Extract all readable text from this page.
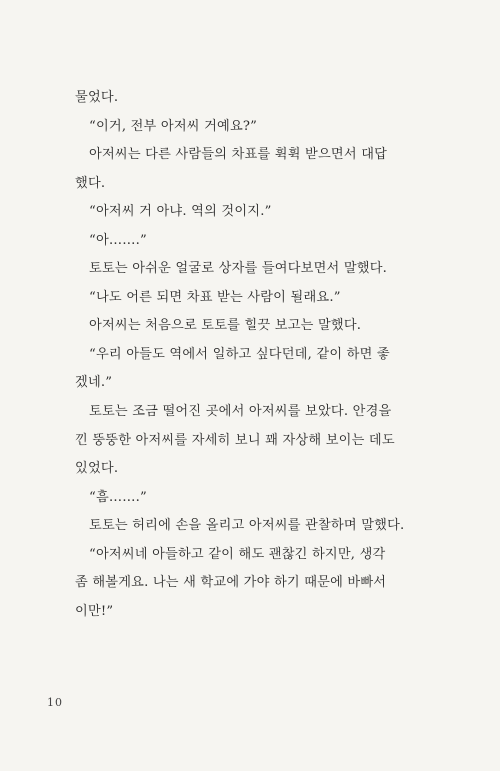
물었다.
“이거, 전부 아저씨 거예요?”
아저씨는 다른 사람들의 차표를 휙휙 받으면서 대답
했다.
“아저씨 거 아냐. 역의 것이지.”
“아…….”
토토는 아쉬운 얼굴로 상자를 들여다보면서 말했다.
“나도 어른 되면 차표 받는 사람이 될래요.”
아저씨는 처음으로 토토를 힐끗 보고는 말했다.
“우리 아들도 역에서 일하고 싶다던데, 같이 하면 좋
겠네.”
토토는 조금 떨어진 곳에서 아저씨를 보았다. 안경을
낀 뚱뚱한 아저씨를 자세히 보니 꽤 자상해 보이는 데도
있었다.
“흠…….”
토토는 허리에 손을 올리고 아저씨를 관찰하며 말했다.
“아저씨네 아들하고 같이 해도 괜찮긴 하지만, 생각
좀 해볼게요. 나는 새 학교에 가야 하기 때문에 바빠서
이만!”
10
